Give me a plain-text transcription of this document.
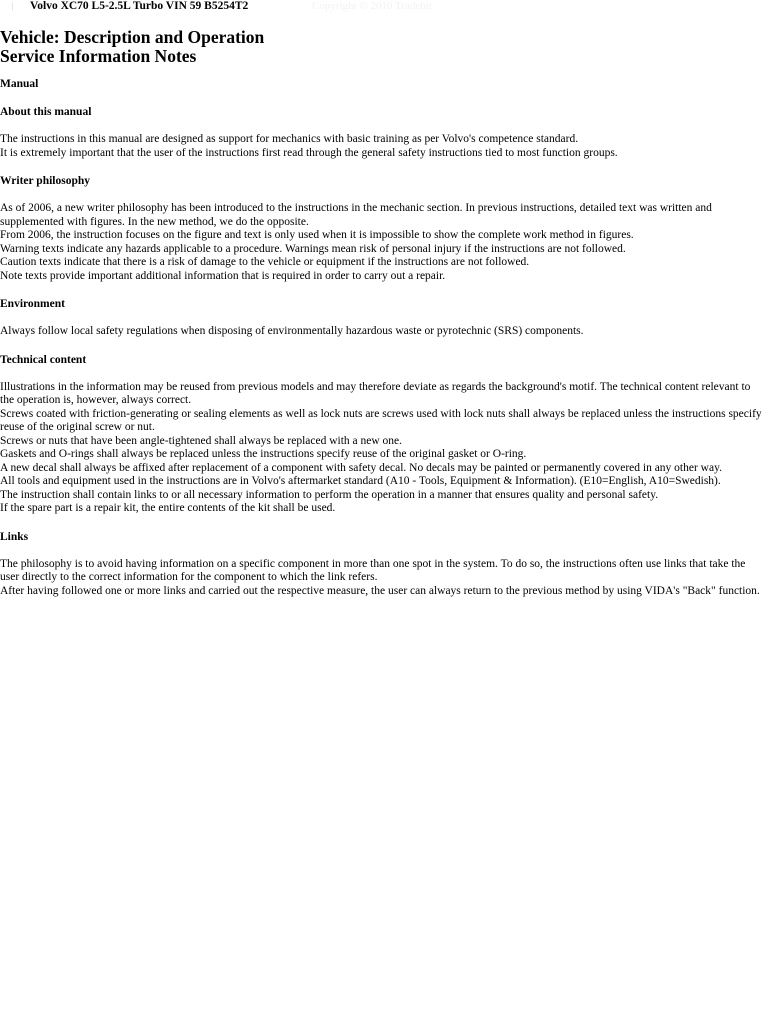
Volvo XC70 L5-2.5L Turbo VIN 59 B5254T2	Copyright © 2010 Tradebit
Vehicle: Description and Operation
Service Information Notes
Manual
About this manual

The instructions in this manual are designed as support for mechanics with basic training as per Volvo's competence standard.

It is extremely important that the user of the instructions first read through the general safety instructions tied to most function groups.

Writer philosophy

As of 2006, a new writer philosophy has been introduced to the instructions in the mechanic section. In previous instructions, detailed text was written and supplemented with figures. In the new method, we do the opposite.

From 2006, the instruction focuses on the figure and text is only used when it is impossible to show the complete work method in figures.

Warning texts indicate any hazards applicable to a procedure. Warnings mean risk of personal injury if the instructions are not followed.

Caution texts indicate that there is a risk of damage to the vehicle or equipment if the instructions are not followed.

Note texts provide important additional information that is required in order to carry out a repair.

Environment

Always follow local safety regulations when disposing of environmentally hazardous waste or pyrotechnic (SRS) components.

Technical content

Illustrations in the information may be reused from previous models and may therefore deviate as regards the background's motif. The technical content relevant to the operation is, however, always correct.

Screws coated with friction-generating or sealing elements as well as lock nuts are screws used with lock nuts shall always be replaced unless the instructions specify reuse of the original screw or nut.

Screws or nuts that have been angle-tightened shall always be replaced with a new one.

Gaskets and O-rings shall always be replaced unless the instructions specify reuse of the original gasket or O-ring.

A new decal shall always be affixed after replacement of a component with safety decal. No decals may be painted or permanently covered in any other way.

All tools and equipment used in the instructions are in Volvo's aftermarket standard (A10 - Tools, Equipment & Information). (E10=English, A10=Swedish).

The instruction shall contain links to or all necessary information to perform the operation in a manner that ensures quality and personal safety.

If the spare part is a repair kit, the entire contents of the kit shall be used.

Links

The philosophy is to avoid having information on a specific component in more than one spot in the system. To do so, the instructions often use links that take the user directly to the correct information for the component to which the link refers.

After having followed one or more links and carried out the respective measure, the user can always return to the previous method by using VIDA's "Back" function.
